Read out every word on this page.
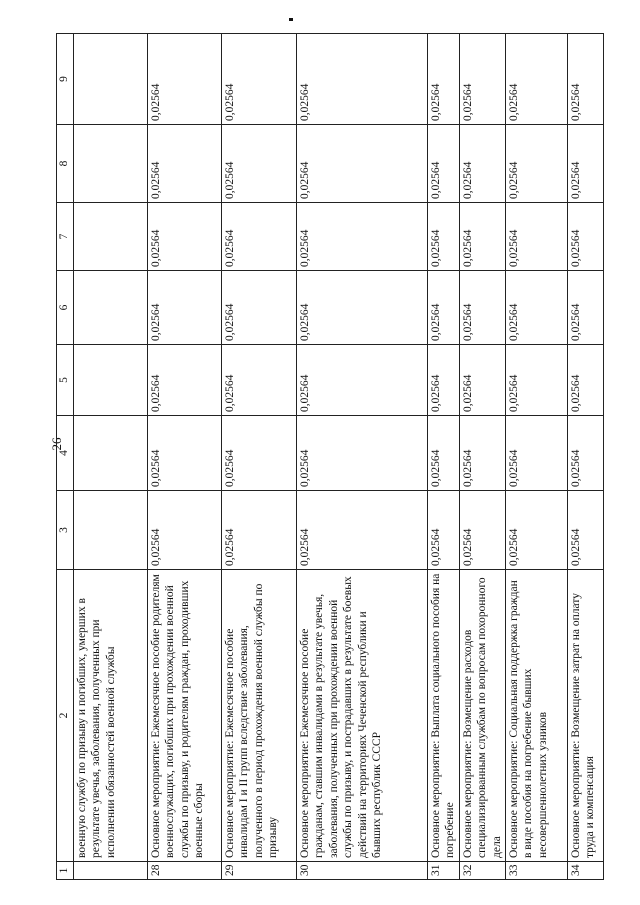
26
1	2	3	4	5	6	7	8	9
	военную службу по призыву и погибших, умерших в результате увечья, заболевания, полученных при исполнении обязанностей военной службы							
28	Основное мероприятие: Ежемесячное пособие родителям военнослужащих, погибших при прохождении военной службы по призыву, и родителям граждан, проходивших военные сборы	0,02564	0,02564	0,02564	0,02564	0,02564	0,02564	0,02564
29	Основное мероприятие: Ежемесячное пособие инвалидам I и II групп вследствие заболевания, полученного в период прохождения военной службы по призыву	0,02564	0,02564	0,02564	0,02564	0,02564	0,02564	0,02564
30	Основное мероприятие: Ежемесячное пособие гражданам, ставшим инвалидами в результате увечья, заболевания, полученных при прохождении военной службы по призыву, и пострадавших в результате боевых действий на территориях Чеченской республики и бывших республик СССР	0,02564	0,02564	0,02564	0,02564	0,02564	0,02564	0,02564
31	Основное мероприятие: Выплата социального пособия на погребение	0,02564	0,02564	0,02564	0,02564	0,02564	0,02564	0,02564
32	Основное мероприятие: Возмещение расходов специализированным службам по вопросам похоронного дела	0,02564	0,02564	0,02564	0,02564	0,02564	0,02564	0,02564
33	Основное мероприятие: Социальная поддержка граждан в виде пособия на погребение бывших несовершеннолетних узников	0,02564	0,02564	0,02564	0,02564	0,02564	0,02564	0,02564
34	Основное мероприятие: Возмещение затрат на оплату труда и компенсация	0,02564	0,02564	0,02564	0,02564	0,02564	0,02564	0,02564
